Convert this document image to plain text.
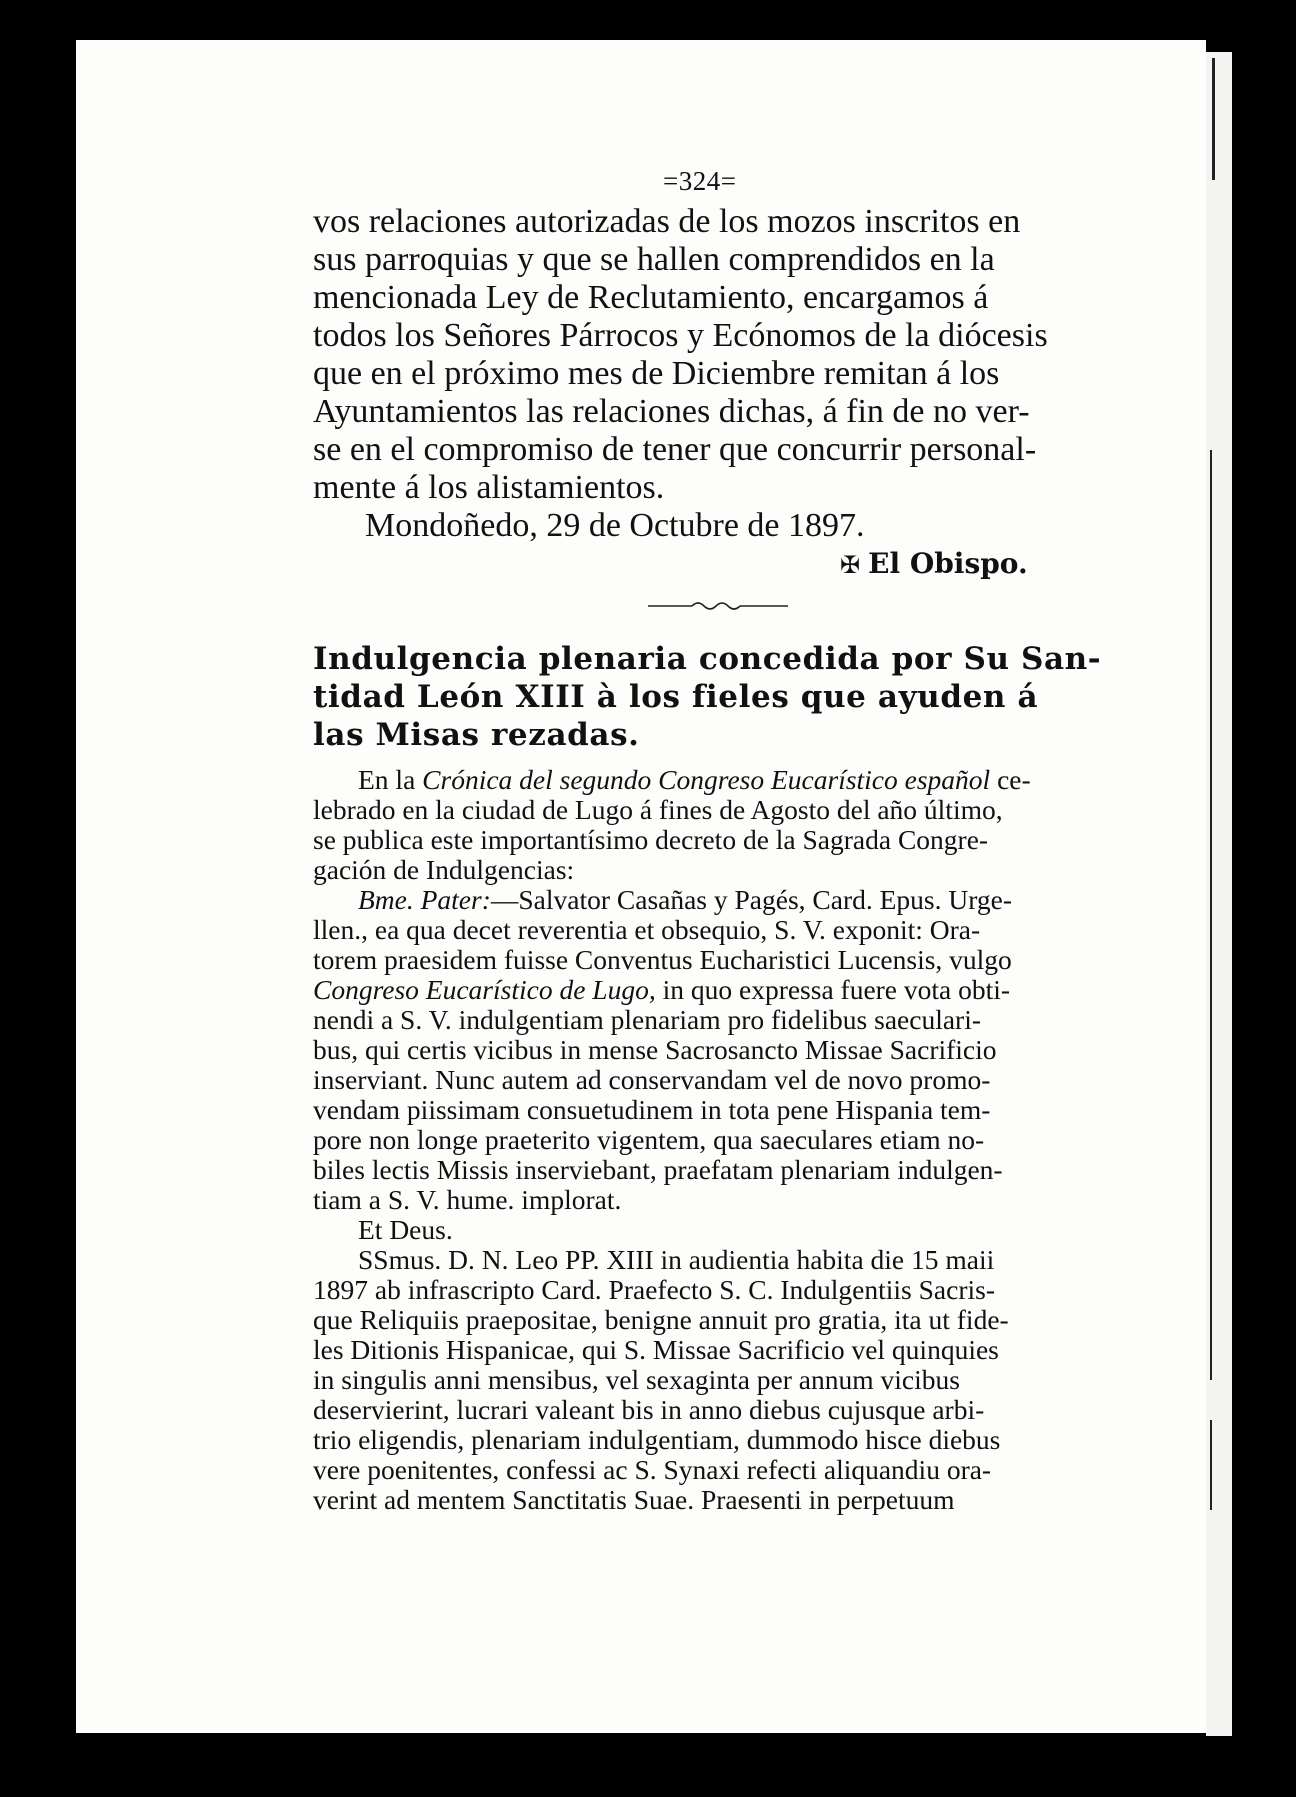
=324=
vos relaciones autorizadas de los mozos inscritos en
sus parroquias y que se hallen comprendidos en la
mencionada Ley de Reclutamiento, encargamos á
todos los Señores Párrocos y Ecónomos de la diócesis
que en el próximo mes de Diciembre remitan á los
Ayuntamientos las relaciones dichas, á fin de no ver-
se en el compromiso de tener que concurrir personal-
mente á los alistamientos.
Mondoñedo, 29 de Octubre de 1897.
✠ El Obispo.
Indulgencia plenaria concedida por Su San-
tidad León XIII à los fieles que ayuden á
las Misas rezadas.
En la Crónica del segundo Congreso Eucarístico español ce-
lebrado en la ciudad de Lugo á fines de Agosto del año último,
se publica este importantísimo decreto de la Sagrada Congre-
gación de Indulgencias:
Bme. Pater:—Salvator Casañas y Pagés, Card. Epus. Urge-
llen., ea qua decet reverentia et obsequio, S. V. exponit: Ora-
torem praesidem fuisse Conventus Eucharistici Lucensis, vulgo
Congreso Eucarístico de Lugo, in quo expressa fuere vota obti-
nendi a S. V. indulgentiam plenariam pro fidelibus saeculari-
bus, qui certis vicibus in mense Sacrosancto Missae Sacrificio
inserviant. Nunc autem ad conservandam vel de novo promo-
vendam piissimam consuetudinem in tota pene Hispania tem-
pore non longe praeterito vigentem, qua saeculares etiam no-
biles lectis Missis inserviebant, praefatam plenariam indulgen-
tiam a S. V. hume. implorat.
Et Deus.
SSmus. D. N. Leo PP. XIII in audientia habita die 15 maii
1897 ab infrascripto Card. Praefecto S. C. Indulgentiis Sacris-
que Reliquiis praepositae, benigne annuit pro gratia, ita ut fide-
les Ditionis Hispanicae, qui S. Missae Sacrificio vel quinquies
in singulis anni mensibus, vel sexaginta per annum vicibus
deservierint, lucrari valeant bis in anno diebus cujusque arbi-
trio eligendis, plenariam indulgentiam, dummodo hisce diebus
vere poenitentes, confessi ac S. Synaxi refecti aliquandiu ora-
verint ad mentem Sanctitatis Suae. Praesenti in perpetuum
